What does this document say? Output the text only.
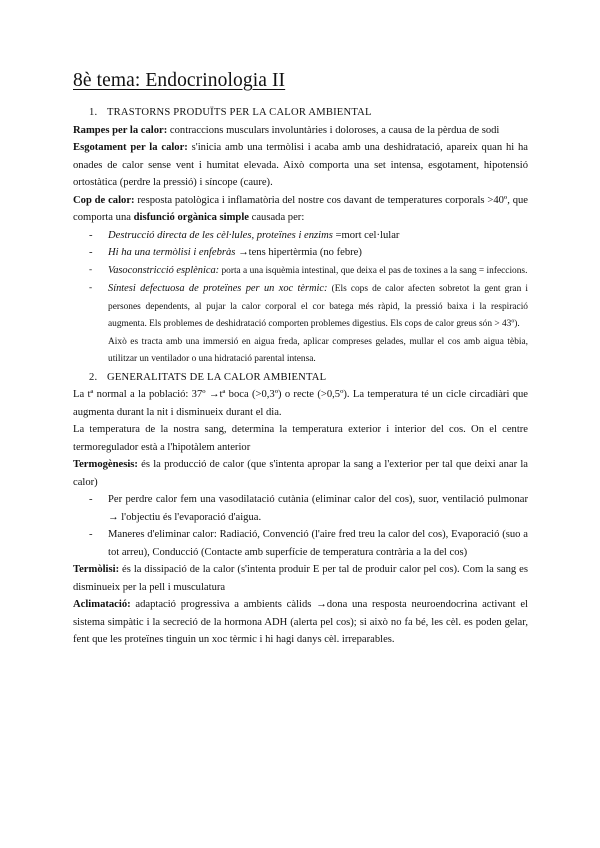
8è tema: Endocrinologia II
1. TRASTORNS PRODUÏTS PER LA CALOR AMBIENTAL

Rampes per la calor: contraccions musculars involuntàries i doloroses, a causa de la pèrdua de sodi

Esgotament per la calor: s'inicia amb una termòlisi i acaba amb una deshidratació, apareix quan hi ha onades de calor sense vent i humitat elevada. Això comporta una set intensa, esgotament, hipotensió ortostàtica (perdre la pressió) i síncope (caure).

Cop de calor: resposta patològica i inflamatòria del nostre cos davant de temperatures corporals >40º, que comporta una disfunció orgànica simple causada per:

- Destrucció directa de les cèl·lules, proteïnes i enzims =mort cel·lular
- Hi ha una termòlisi i enfebràs →tens hipertèrmia (no febre)
- Vasoconstricció esplènica: porta a una isquèmia intestinal, que deixa el pas de toxines a la sang = infeccions.
- Síntesi defectuosa de proteïnes per un xoc tèrmic: (Els cops de calor afecten sobretot la gent gran i persones dependents, al pujar la calor corporal el cor batega més ràpid, la pressió baixa i la respiració augmenta. Els problemes de deshidratació comporten problemes digestius. Els cops de calor greus són > 43º).
Això es tracta amb una immersió en aigua freda, aplicar compreses gelades, mullar el cos amb aigua tèbia, utilitzar un ventilador o una hidratació parental intensa.
2. GENERALITATS DE LA CALOR AMBIENTAL

La tª normal a la població: 37º →tª boca (>0,3º) o recte (>0,5º). La temperatura té un cicle circadiàri que augmenta durant la nit i disminueix durant el dia.

La temperatura de la nostra sang, determina la temperatura exterior i interior del cos. On el centre termoregulador està a l'hipotàlem anterior

Termogènesis: és la producció de calor (que s'intenta apropar la sang a l'exterior per tal que deixi anar la calor)

- Per perdre calor fem una vasodilatació cutània (eliminar calor del cos), suor, ventilació pulmonar → l'objectiu és l'evaporació d'aigua.
- Maneres d'eliminar calor: Radiació, Convenció (l'aire fred treu la calor del cos), Evaporació (suo a tot arreu), Conducció (Contacte amb superfície de temperatura contrària a la del cos)

Termòlisi: és la dissipació de la calor (s'intenta produir E per tal de produir calor pel cos). Com la sang es disminueix per la pell i musculatura

Aclimatació: adaptació progressiva a ambients càlids →dona una resposta neuroendocrina activant el sistema simpàtic i la secreció de la hormona ADH (alerta pel cos); si això no fa bé, les cèl. es poden gelar, fent que les proteïnes tinguin un xoc tèrmic i hi hagi danys cèl. irreparables.
